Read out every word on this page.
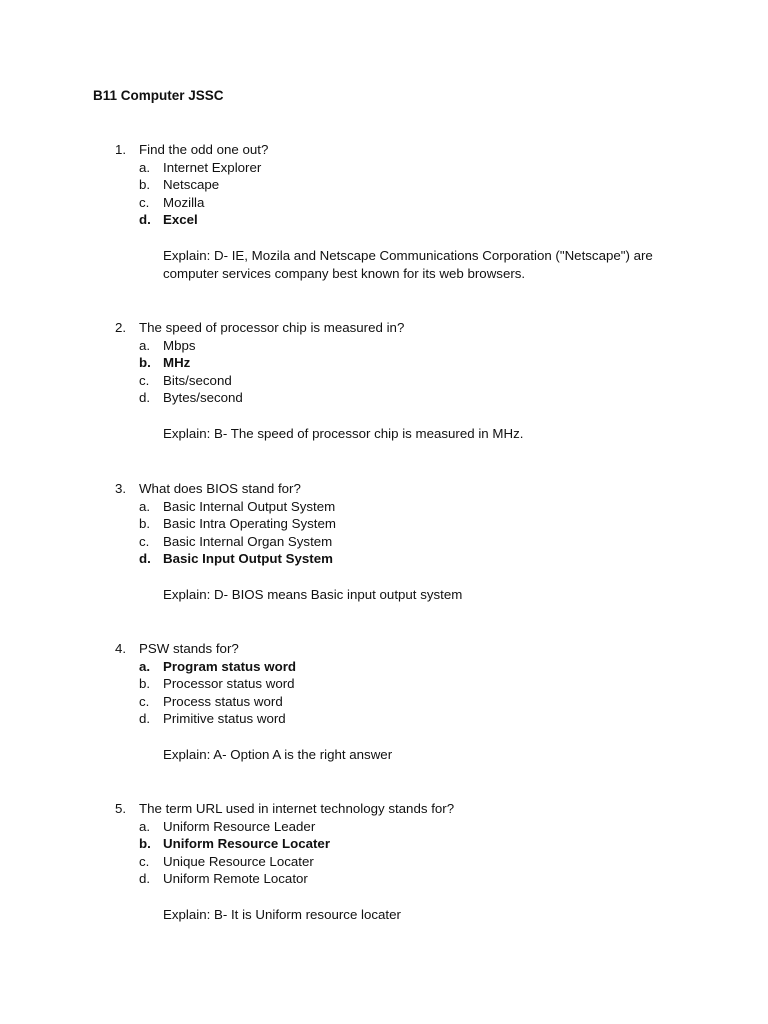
B11 Computer JSSC
1. Find the odd one out?
a. Internet Explorer
b. Netscape
c.	Mozilla
d. Excel
Explain: D- IE, Mozila and Netscape Communications Corporation ("Netscape") are computer services company best known for its web browsers.
2. The speed of processor chip is measured in?
a. Mbps
b. MHz
c.	Bits/second
d. Bytes/second
Explain: B- The speed of processor chip is measured in MHz.
3. What does BIOS stand for?
a. Basic Internal Output System
b. Basic Intra Operating System
c.	Basic Internal Organ System
d. Basic Input Output System
Explain: D- BIOS means Basic input output system
4. PSW stands for?
a. Program status word
b. Processor status word
c.	Process status word
d. Primitive status word
Explain: A- Option A is the right answer
5. The term URL used in internet technology stands for?
a. Uniform Resource Leader
b. Uniform Resource Locater
c.	Unique Resource Locater
d. Uniform Remote Locator
Explain: B- It is Uniform resource locater
